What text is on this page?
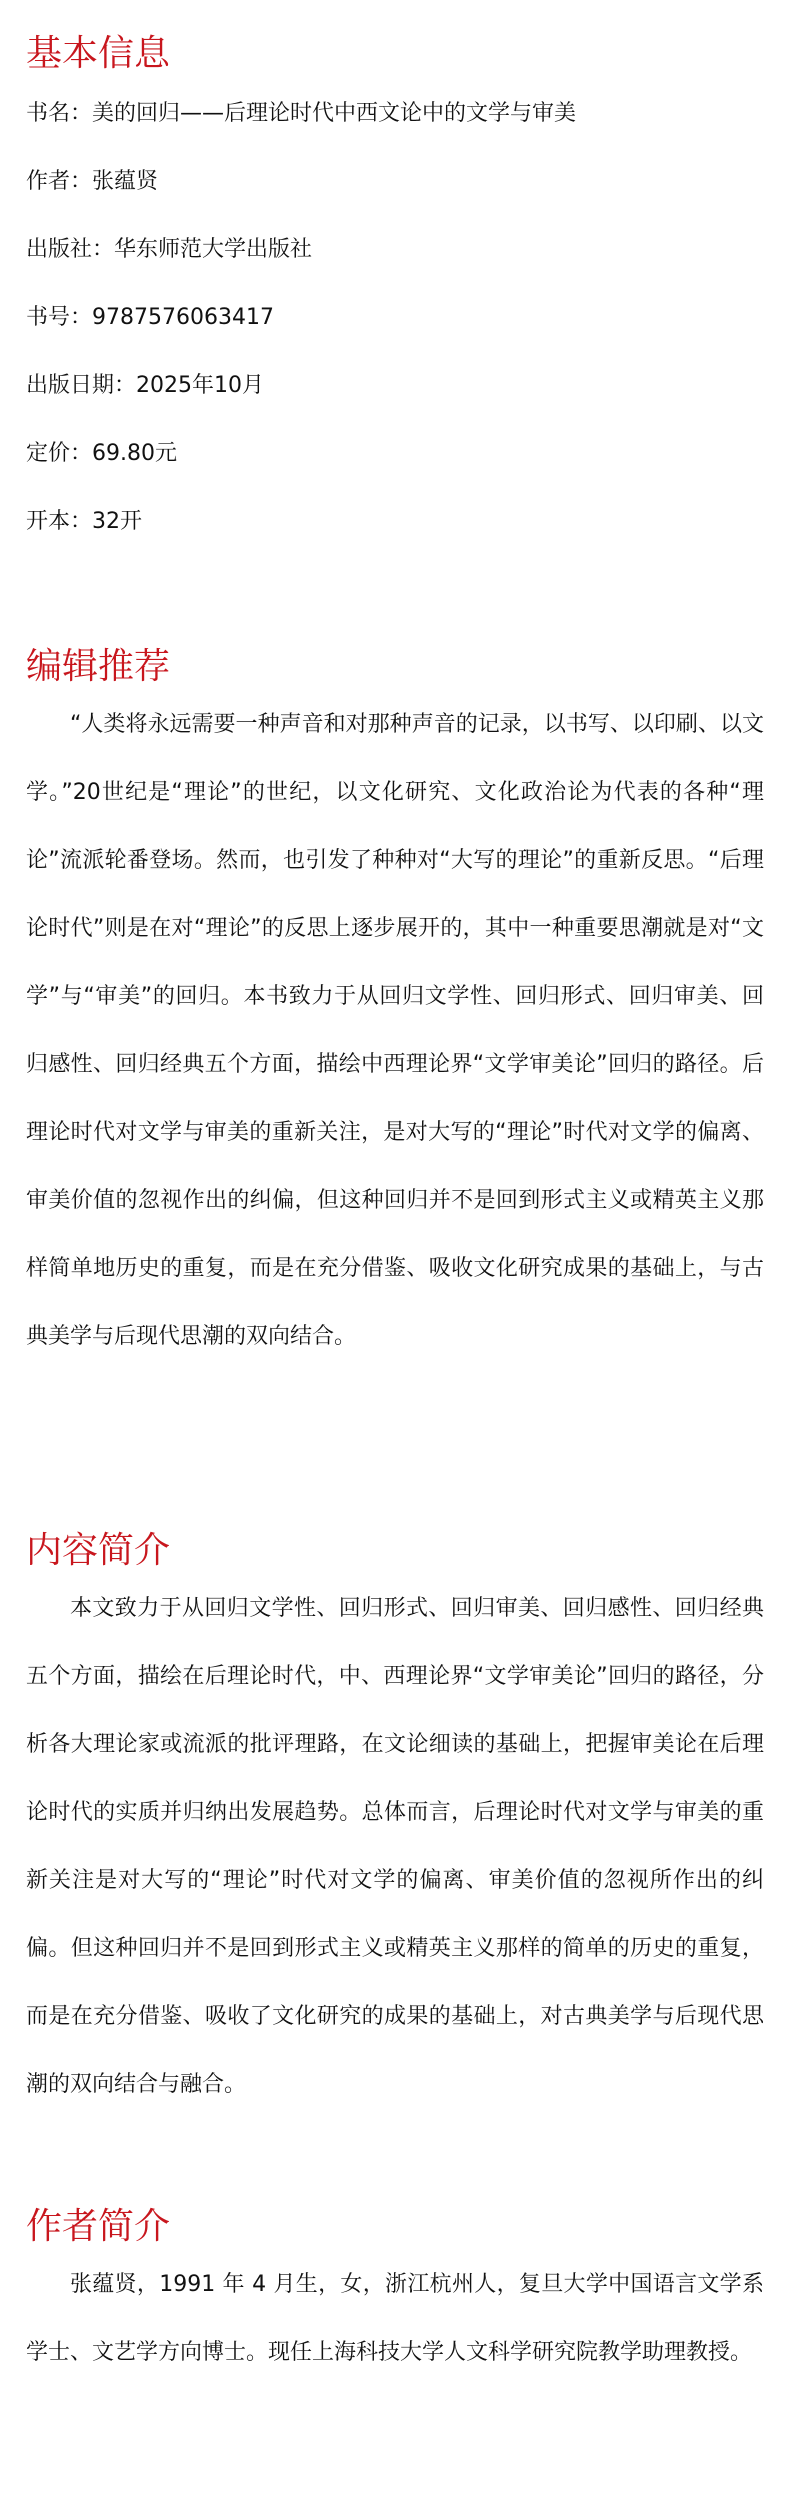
基本信息

书名：美的回归——后理论时代中西文论中的文学与审美

作者：张蕴贤

出版社：华东师范大学出版社

书号：9787576063417

出版日期：2025年10月

定价：69.80元

开本：32开

编辑推荐

“人类将永远需要一种声音和对那种声音的记录，以书写、以印刷、以文学。”20世纪是“理论”的世纪，以文化研究、文化政治论为代表的各种“理论”流派轮番登场。然而，也引发了种种对“大写的理论”的重新反思。“后理论时代”则是在对“理论”的反思上逐步展开的，其中一种重要思潮就是对“文学”与“审美”的回归。本书致力于从回归文学性、回归形式、回归审美、回归感性、回归经典五个方面，描绘中西理论界“文学审美论”回归的路径。后理论时代对文学与审美的重新关注，是对大写的“理论”时代对文学的偏离、审美价值的忽视作出的纠偏，但这种回归并不是回到形式主义或精英主义那样简单地历史的重复，而是在充分借鉴、吸收文化研究成果的基础上，与古典美学与后现代思潮的双向结合。

内容简介

本文致力于从回归文学性、回归形式、回归审美、回归感性、回归经典五个方面，描绘在后理论时代，中、西理论界“文学审美论”回归的路径，分析各大理论家或流派的批评理路，在文论细读的基础上，把握审美论在后理论时代的实质并归纳出发展趋势。总体而言，后理论时代对文学与审美的重新关注是对大写的“理论”时代对文学的偏离、审美价值的忽视所作出的纠偏。但这种回归并不是回到形式主义或精英主义那样的简单的历史的重复，而是在充分借鉴、吸收了文化研究的成果的基础上，对古典美学与后现代思潮的双向结合与融合。

作者简介

张蕴贤，1991 年 4 月生，女，浙江杭州人，复旦大学中国语言文学系学士、文艺学方向博士。现任上海科技大学人文科学研究院教学助理教授。
